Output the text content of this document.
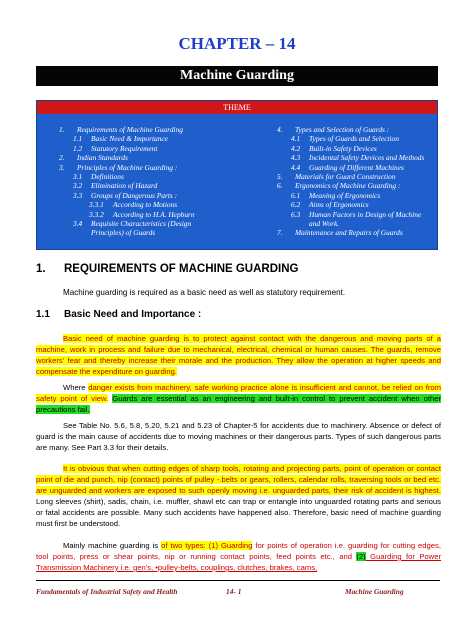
CHAPTER – 14
Machine Guarding
THEME
1.	Requirements of Machine Guarding
1.1	Basic Need & Importance
1.2	Statutory Requirement
2.	Indian Standards
3.	Principles of Machine Guarding :
3.1	Definitions
3.2	Elimination of Hazard
3.3	Groups of Dangerous Parts :
3.3.1	According to Motions
3.3.2	According to H.A. Hepburn
3.4	Requisite Characteristics (Design
Principles) of Guards
4.	Types and Selection of Guards :
4.1	Types of Guards and Selection
4.2	Built-in Safety Devices
4.3	Incidental Safety Devices and Methods
4.4	Guarding of Different Machines
5.	Materials for Guard Construction
6.	Ergonomics of Machine Guarding :
6.1	Meaning of Ergonomics
6.2	Aims of Ergonomics
6.3	Human Factors in Design of Machine
and Work.
7.	Maintenance and Repairs of Guards
1. REQUIREMENTS OF MACHINE GUARDING
Machine guarding is required as a basic need as well as statutory requirement.
1.1 Basic Need and Importance :
Basic need of machine guarding is to protect against contact with the dangerous and moving parts of a machine, work in process and failure due to mechanical, electrical, chemical or human causes. The guards, remove workers' fear and thereby increase their morale and the production. They allow the operation at higher speeds and compensate the expenditure on guarding.
Where danger exists from machinery, safe working practice alone is insufficient and cannot, be relied on from safety point of view. Guards are essential as an engineering and built-in control to prevent accident when other precautions fail.
See Table No. 5.6, 5.8, 5.20, 5.21 and 5.23 of Chapter-5 for accidents due to machinery. Absence or defect of guard is the main cause of accidents due to moving machines or their dangerous parts. Types of such dangerous parts are many. See Part 3.3 for their details.
It is obvious that when cutting edges of sharp tools, rotating and projecting parts, point of operation or contact point of die and punch, nip (contact) points of pulley -.belts or gears, rollers, calendar rolls, traversing tools or bed etc. are unguarded and workers are exposed to such openly moving i.e. unguarded parts, their risk of accident is highest. Long sleeves (shirt), sadis, chain, i.e. muffler, shawl etc can trap or entangle into unguarded rotating parts and serious or fatal accidents are possible. Many such accidents have happened also. Therefore, basic need of machine guarding must first be understood.
Mainly machine guarding is of two types: (1) Guarding for points of operation i.e. guarding for cutting edges, tool points, press or shear points, nip or running contact points, feed points etc., and (2) Guarding for Power Transmission Machinery i.e. gen's, •pulley-belts, couplings, clutches, brakes, cams,
Fundamentals of Industrial Safety and Health	14- 1	Machine Guarding
